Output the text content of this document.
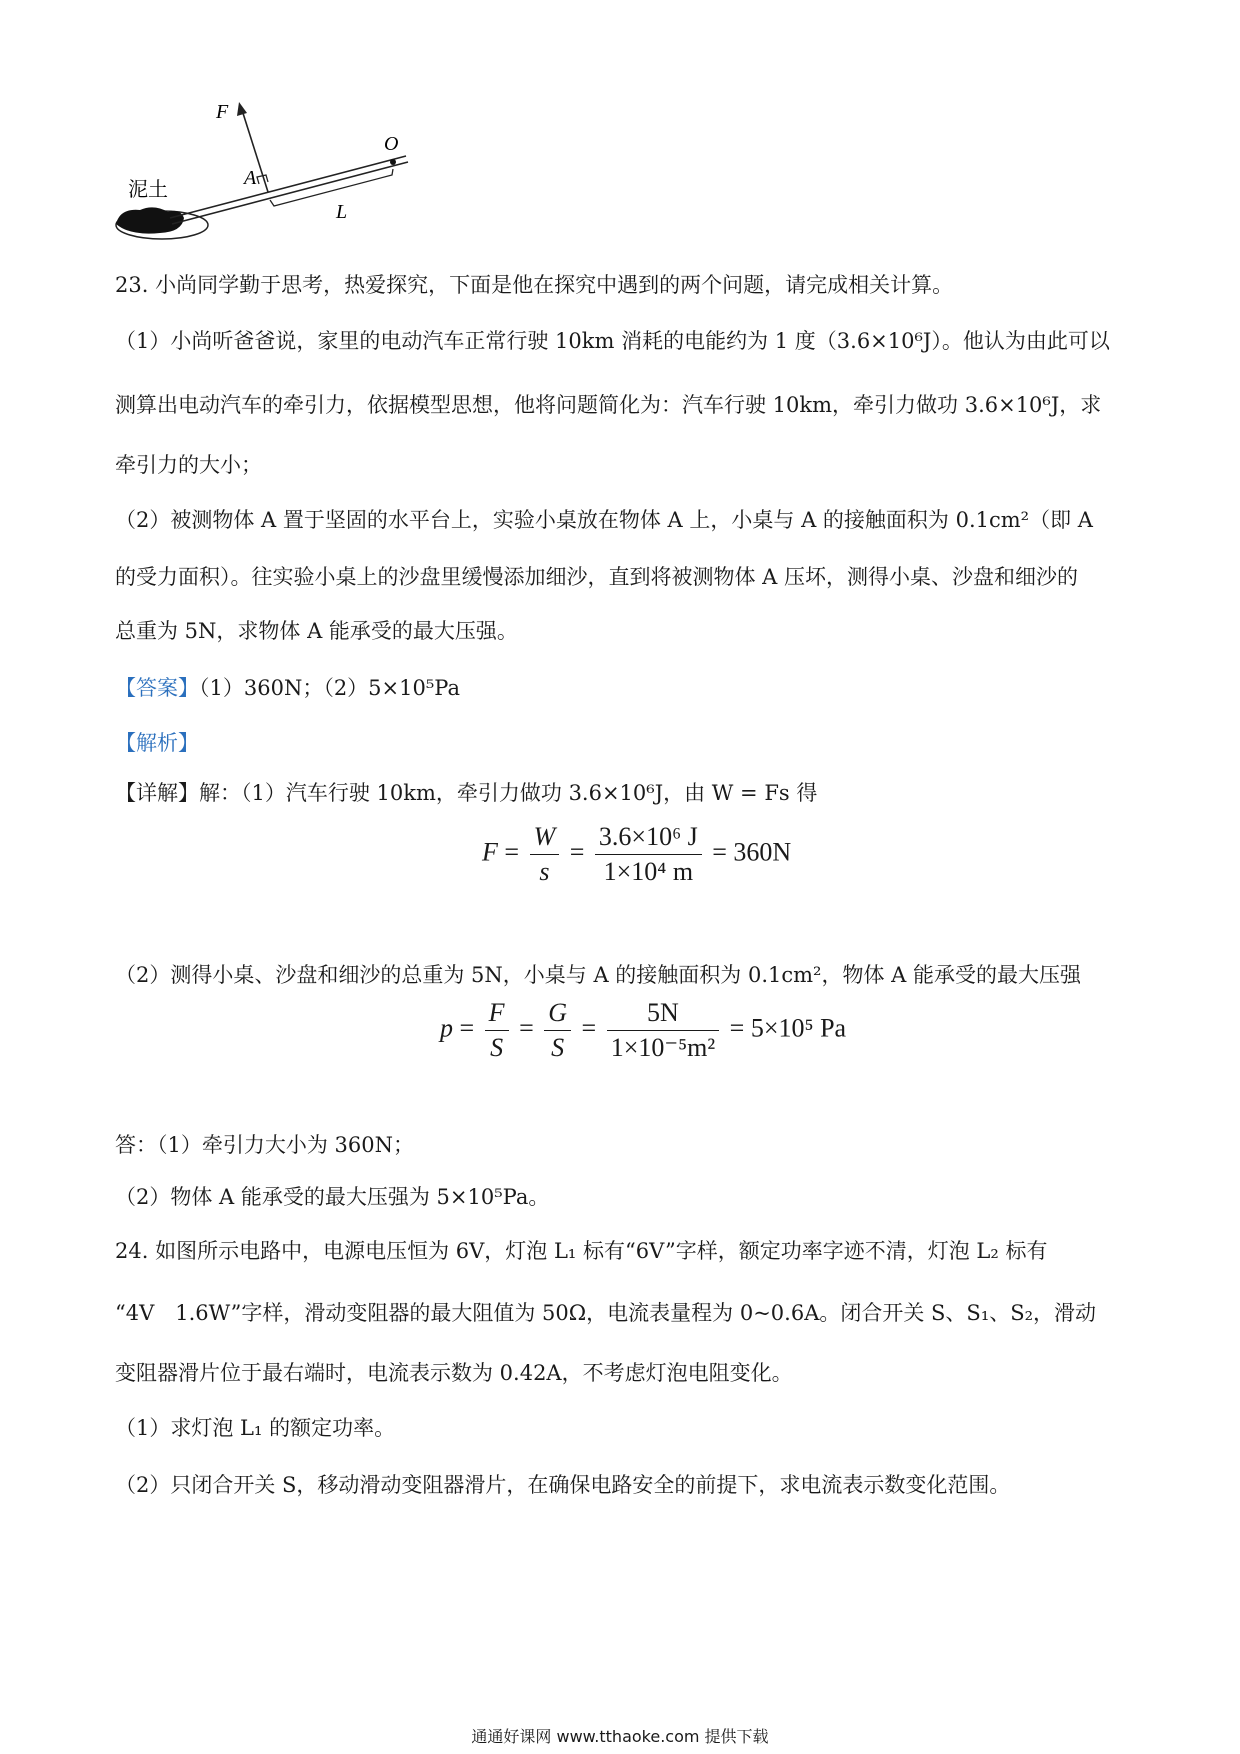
F
O
A
L
泥土
23. 小尚同学勤于思考，热爱探究，下面是他在探究中遇到的两个问题，请完成相关计算。
（1）小尚听爸爸说，家里的电动汽车正常行驶 10km 消耗的电能约为 1 度（3.6×10⁶J）。他认为由此可以
测算出电动汽车的牵引力，依据模型思想，他将问题简化为：汽车行驶 10km，牵引力做功 3.6×10⁶J，求
牵引力的大小；
（2）被测物体 A 置于坚固的水平台上，实验小桌放在物体 A 上，小桌与 A 的接触面积为 0.1cm²（即 A
的受力面积）。往实验小桌上的沙盘里缓慢添加细沙，直到将被测物体 A 压坏，测得小桌、沙盘和细沙的
总重为 5N，求物体 A 能承受的最大压强。
【答案】（1）360N；（2）5×10⁵Pa
【解析】
【详解】解：（1）汽车行驶 10km，牵引力做功 3.6×10⁶J，由 W = Fs 得
$F = \frac{W}{s} = \frac{\text{3.6×10⁶ J}}{\text{1×10⁴ m}} = 360N$
（2）测得小桌、沙盘和细沙的总重为 5N，小桌与 A 的接触面积为 0.1cm²，物体 A 能承受的最大压强
$p = \frac{F}{S} = \frac{G}{S} = \frac{5N}{\text{1×10⁻⁵m²}} = 5\times 10^5$ Pa
答：（1）牵引力大小为 360N；
（2）物体 A 能承受的最大压强为 5×10⁵Pa。
24. 如图所示电路中，电源电压恒为 6V，灯泡 L₁ 标有“6V”字样，额定功率字迹不清，灯泡 L₂ 标有
“4V　1.6W”字样，滑动变阻器的最大阻值为 50Ω，电流表量程为 0~0.6A。闭合开关 S、S₁、S₂，滑动
变阻器滑片位于最右端时，电流表示数为 0.42A，不考虑灯泡电阻变化。
（1）求灯泡 L₁ 的额定功率。
（2）只闭合开关 S，移动滑动变阻器滑片，在确保电路安全的前提下，求电流表示数变化范围。
通通好课网 www.tthaoke.com 提供下载
